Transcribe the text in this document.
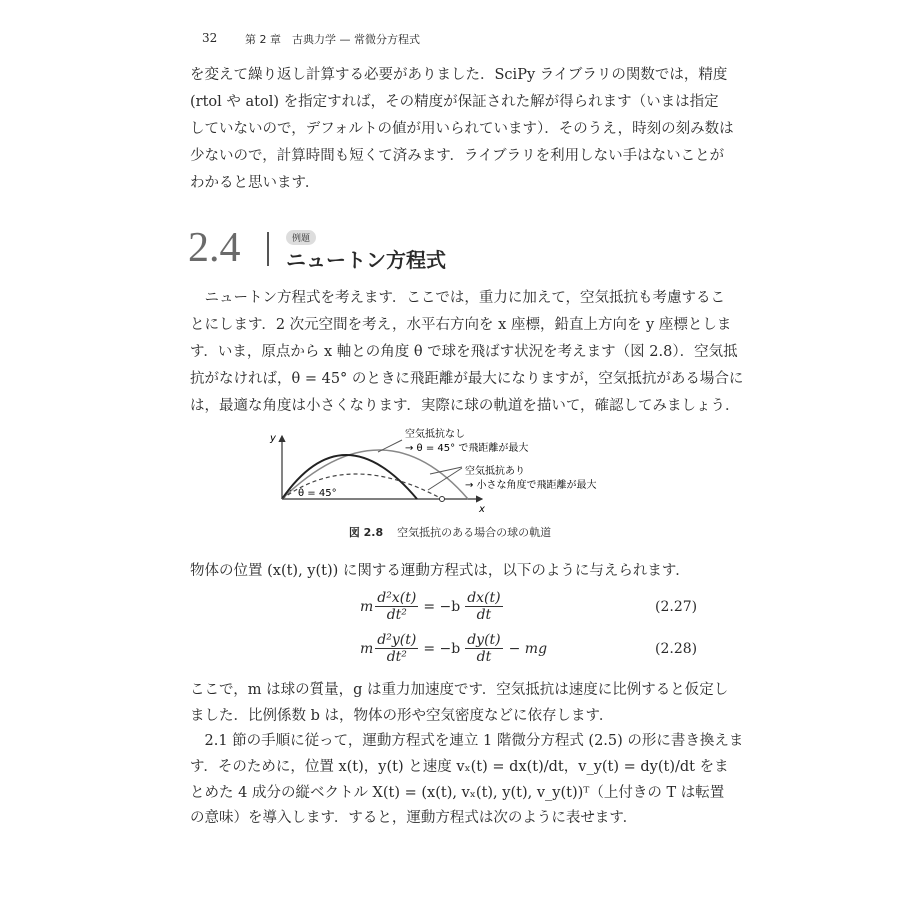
32	第 2 章　古典力学 — 常微分方程式
を変えて繰り返し計算する必要がありました．SciPy ライブラリの関数では，精度
(rtol や atol) を指定すれば，その精度が保証された解が得られます（いまは指定
していないので，デフォルトの値が用いられています）．そのうえ，時刻の刻み数は
少ないので，計算時間も短くて済みます．ライブラリを利用しない手はないことが
わかると思います．
2.4	例題
ニュートン方程式
　ニュートン方程式を考えます．ここでは，重力に加えて，空気抵抗も考慮するこ
とにします．2 次元空間を考え，水平右方向を x 座標，鉛直上方向を y 座標としま
す．いま，原点から x 軸との角度 θ で球を飛ばす状況を考えます（図 2.8）．空気抵
抗がなければ，θ = 45° のときに飛距離が最大になりますが，空気抵抗がある場合に
は，最適な角度は小さくなります．実際に球の軌道を描いて，確認してみましょう．
x
y
θ = 45°
空気抵抗なし
→ θ = 45° で飛距離が最大
空気抵抗あり
→ 小さな角度で飛距離が最大
図 2.8 空気抵抗のある場合の球の軌道
物体の位置 (x(t), y(t)) に関する運動方程式は，以下のように与えられます．
m $\frac{\text{d²x(t)}}{\text{dt²}} = -b \frac{dx(t)}{dt}$	(2.27)
m $\frac{\text{d²y(t)}}{\text{dt²}} = -b \frac{dy(t)}{dt}$ − mg	(2.28)
ここで，m は球の質量，g は重力加速度です．空気抵抗は速度に比例すると仮定し
ました．比例係数 b は，物体の形や空気密度などに依存します．
　2.1 節の手順に従って，運動方程式を連立 1 階微分方程式 (2.5) の形に書き換えま
す．そのために，位置 x(t)，y(t) と速度 vₓ(t) = dx(t)/dt，v_y(t) = dy(t)/dt をま
とめた 4 成分の縦ベクトル X(t) = (x(t), vₓ(t), y(t), v_y(t))ᵀ（上付きの T は転置
の意味）を導入します．すると，運動方程式は次のように表せます．
